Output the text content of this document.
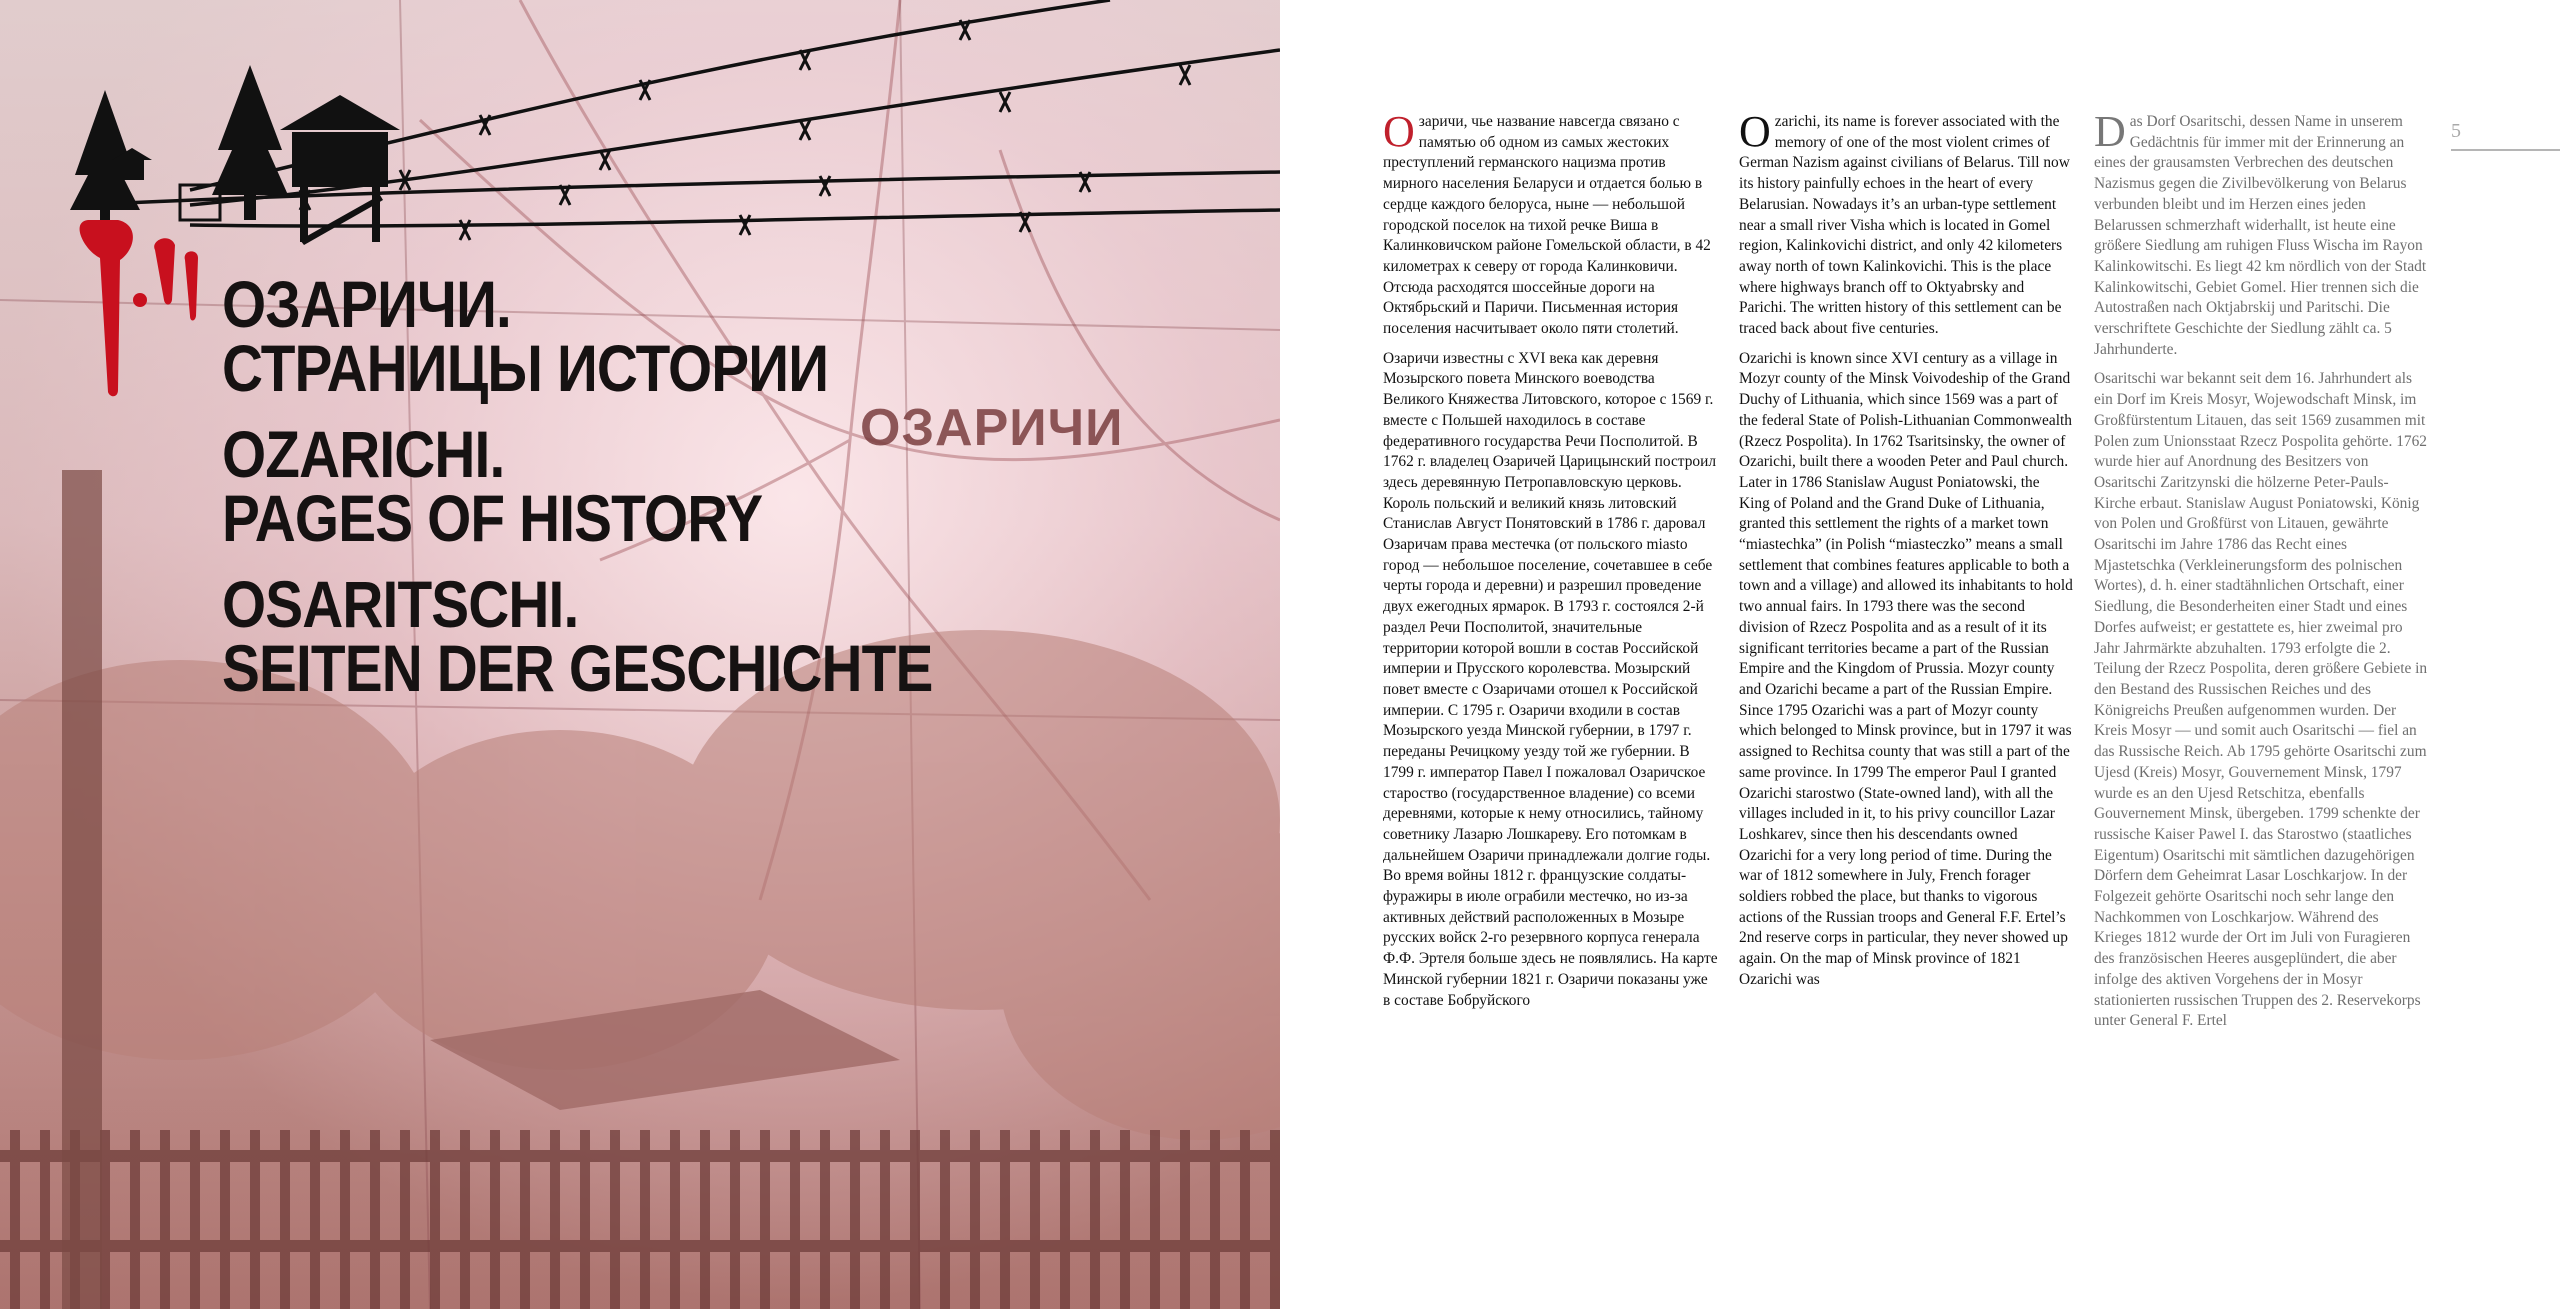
ОЗАРИЧИ
ОЗАРИЧИ.
СТРАНИЦЫ ИСТОРИИ
OZARICHI.
PAGES OF HISTORY
OSARITSCHI.
SEITEN DER GESCHICHTE

Озаричи, чье название навсегда связано с памятью об одном из самых жестоких преступлений германского нацизма против мирного населения Беларуси и отдается болью в сердце каждого белоруса, ныне — небольшой городской поселок на тихой речке Виша в Калинковичском районе Гомельской области, в 42 километрах к северу от города Калинковичи. Отсюда расходятся шоссейные дороги на Октябрьский и Паричи. Письменная история поселения насчитывает около пяти столетий.

Озаричи известны с XVI века как деревня Мозырского повета Минского воеводства Великого Княжества Литовского, которое с 1569 г. вместе с Польшей находилось в составе федеративного государства Речи Посполитой. В 1762 г. владелец Озаричей Царицынский построил здесь деревянную Петропавловскую церковь. Король польский и великий князь литовский Станислав Август Понятовский в 1786 г. даровал Озаричам права местечка (от польского miasto город — небольшое поселение, сочетавшее в себе черты города и деревни) и разрешил проведение двух ежегодных ярмарок. В 1793 г. состоялся 2-й раздел Речи Посполитой, значительные территории которой вошли в состав Российской империи и Прусского королевства. Мозырский повет вместе с Озаричами отошел к Российской империи. С 1795 г. Озаричи входили в состав Мозырского уезда Минской губернии, в 1797 г. переданы Речицкому уезду той же губернии. В 1799 г. император Павел I пожаловал Озаричское староство (государственное владение) со всеми деревнями, которые к нему относились, тайному советнику Лазарю Лошкареву. Его потомкам в дальнейшем Озаричи принадлежали долгие годы. Во время войны 1812 г. французские солдаты-фуражиры в июле ограбили местечко, но из-за активных действий расположенных в Мозыре русских войск 2-го резервного корпуса генерала Ф.Ф. Эртеля больше здесь не появлялись. На карте Минской губернии 1821 г. Озаричи показаны уже в составе Бобруйского

Ozarichi, its name is forever associated with the memory of one of the most violent crimes of German Nazism against civilians of Belarus. Till now its history painfully echoes in the heart of every Belarusian. Nowadays it’s an urban-type settlement near a small river Visha which is located in Gomel region, Kalinkovichi district, and only 42 kilometers away north of town Kalinkovichi. This is the place where highways branch off to Oktyabrsky and Parichi. The written history of this settlement can be traced back about five centuries.

Ozarichi is known since XVI century as a village in Mozyr county of the Minsk Voivodeship of the Grand Duchy of Lithuania, which since 1569 was a part of the federal State of Polish-Lithuanian Commonwealth (Rzecz Pospolita). In 1762 Tsaritsinsky, the owner of Ozarichi, built there a wooden Peter and Paul church. Later in 1786 Stanislaw August Poniatowski, the King of Poland and the Grand Duke of Lithuania, granted this settlement the rights of a market town “miastechka” (in Polish “miasteczko” means a small settlement that combines features applicable to both a town and a village) and allowed its inhabitants to hold two annual fairs. In 1793 there was the second division of Rzecz Pospolita and as a result of it its significant territories became a part of the Russian Empire and the Kingdom of Prussia. Mozyr county and Ozarichi became a part of the Russian Empire. Since 1795 Ozarichi was a part of Mozyr county which belonged to Minsk province, but in 1797 it was assigned to Rechitsa county that was still a part of the same province. In 1799 The emperor Paul I granted Ozarichi starostwo (State-owned land), with all the villages included in it, to his privy councillor Lazar Loshkarev, since then his descendants owned Ozarichi for a very long period of time. During the war of 1812 somewhere in July, French forager soldiers robbed the place, but thanks to vigorous actions of the Russian troops and General F.F. Ertel’s 2nd reserve corps in particular, they never showed up again. On the map of Minsk province of 1821 Ozarichi was

Das Dorf Osaritschi, dessen Name in unserem Gedächtnis für immer mit der Erinnerung an eines der grausamsten Verbrechen des deutschen Nazismus gegen die Zivilbevölkerung von Belarus verbunden bleibt und im Herzen eines jeden Belarussen schmerzhaft widerhallt, ist heute eine größere Siedlung am ruhigen Fluss Wischa im Rayon Kalinkowitschi. Es liegt 42 km nördlich von der Stadt Kalinkowitschi, Gebiet Gomel. Hier trennen sich die Autostraßen nach Oktjabrskij und Paritschi. Die verschriftete Geschichte der Siedlung zählt ca. 5 Jahrhunderte.

Osaritschi war bekannt seit dem 16. Jahrhundert als ein Dorf im Kreis Mosyr, Wojewodschaft Minsk, im Großfürstentum Litauen, das seit 1569 zusammen mit Polen zum Unionsstaat Rzecz Pospolita gehörte. 1762 wurde hier auf Anordnung des Besitzers von Osaritschi Zaritzynski die hölzerne Peter-Pauls-Kirche erbaut. Stanislaw August Poniatowski, König von Polen und Großfürst von Litauen, gewährte Osaritschi im Jahre 1786 das Recht eines Mjastetschka (Verkleinerungsform des polnischen Wortes), d. h. einer stadtähnlichen Ortschaft, einer Siedlung, die Besonderheiten einer Stadt und eines Dorfes aufweist; er gestattete es, hier zweimal pro Jahr Jahrmärkte abzuhalten. 1793 erfolgte die 2. Teilung der Rzecz Pospolita, deren größere Gebiete in den Bestand des Russischen Reiches und des Königreichs Preußen aufgenommen wurden. Der Kreis Mosyr — und somit auch Osaritschi — fiel an das Russische Reich. Ab 1795 gehörte Osaritschi zum Ujesd (Kreis) Mosyr, Gouvernement Minsk, 1797 wurde es an den Ujesd Retschitza, ebenfalls Gouvernement Minsk, übergeben. 1799 schenkte der russische Kaiser Pawel I. das Starostwo (staatliches Eigentum) Osaritschi mit sämtlichen dazugehörigen Dörfern dem Geheimrat Lasar Loschkarjow. In der Folgezeit gehörte Osaritschi noch sehr lange den Nachkommen von Loschkarjow. Während des Krieges 1812 wurde der Ort im Juli von Furagieren des französischen Heeres ausgeplündert, die aber infolge des aktiven Vorgehens der in Mosyr stationierten russischen Truppen des 2. Reservekorps unter General F. Ertel

5
